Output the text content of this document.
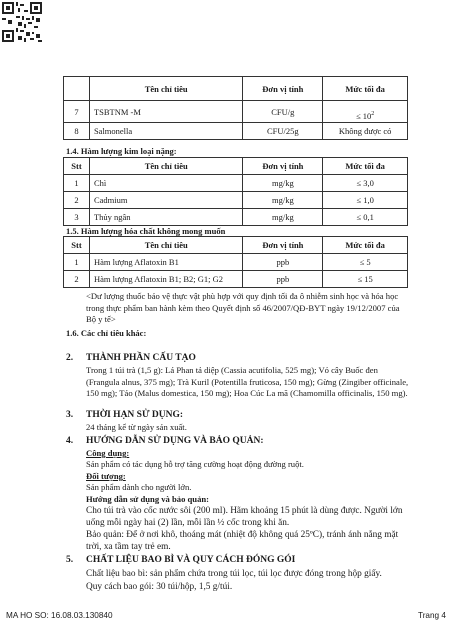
	Tên chỉ tiêu	Đơn vị tính	Mức tối đa
7	TSBTNM -M	CFU/g	≤ $10^2$
8	Salmonella	CFU/25g	Không được có
1.4. Hàm lượng kim loại nặng:
Stt	Tên chỉ tiêu	Đơn vị tính	Mức tối đa
1	Chì	mg/kg	≤ 3,0
2	Cadmium	mg/kg	≤ 1,0
3	Thủy ngân	mg/kg	≤ 0,1
1.5. Hàm lượng hóa chất không mong muốn
Stt	Tên chỉ tiêu	Đơn vị tính	Mức tối đa
1	Hàm lượng Aflatoxin B1	ppb	≤ 5
2	Hàm lượng Aflatoxin B1; B2; G1; G2	ppb	≤ 15
<Dư lượng thuốc bảo vệ thực vật phù hợp với quy định tối đa ô nhiễm sinh học và hóa học trong thực phẩm ban hành kèm theo Quyết định số 46/2007/QĐ-BYT ngày 19/12/2007 của Bộ y tế>
1.6. Các chỉ tiêu khác:
2. THÀNH PHẦN CẤU TẠO
Trong 1 túi trà (1,5 g): Lá Phan tả diệp (Cassia acutifolia, 525 mg); Vỏ cây Buốc đen (Frangula alnus, 375 mg); Trà Kuril (Potentilla fruticosa, 150 mg); Gừng (Zingiber officinale, 150 mg); Táo (Malus domestica, 150 mg); Hoa Cúc La mã (Chamomilla officinalis, 150 mg).
3. THỜI HẠN SỬ DỤNG:
24 tháng kể từ ngày sản xuất.
4. HƯỚNG DẪN SỬ DỤNG VÀ BẢO QUẢN:
Công dụng:
Sản phẩm có tác dụng hỗ trợ tăng cường hoạt động đường ruột.
Đối tượng:
Sản phẩm dành cho người lớn.
Hướng dẫn sử dụng và bảo quản:
Cho túi trà vào cốc nước sôi (200 ml). Hãm khoảng 15 phút là dùng được. Người lớn uống mỗi ngày hai (2) lần, mỗi lần ½ cốc trong khi ăn.
Bảo quản: Để ở nơi khô, thoáng mát (nhiệt độ không quá 25ºC), tránh ánh nắng mặt trời, xa tầm tay trẻ em.
5. CHẤT LIỆU BAO BÌ VÀ QUY CÁCH ĐÓNG GÓI
Chất liệu bao bì: sản phẩm chứa trong túi lọc, túi lọc được đóng trong hộp giấy.
Quy cách bao gói: 30 túi/hộp, 1,5 g/túi.
MA HO SO: 16.08.03.130840	Trang 4
